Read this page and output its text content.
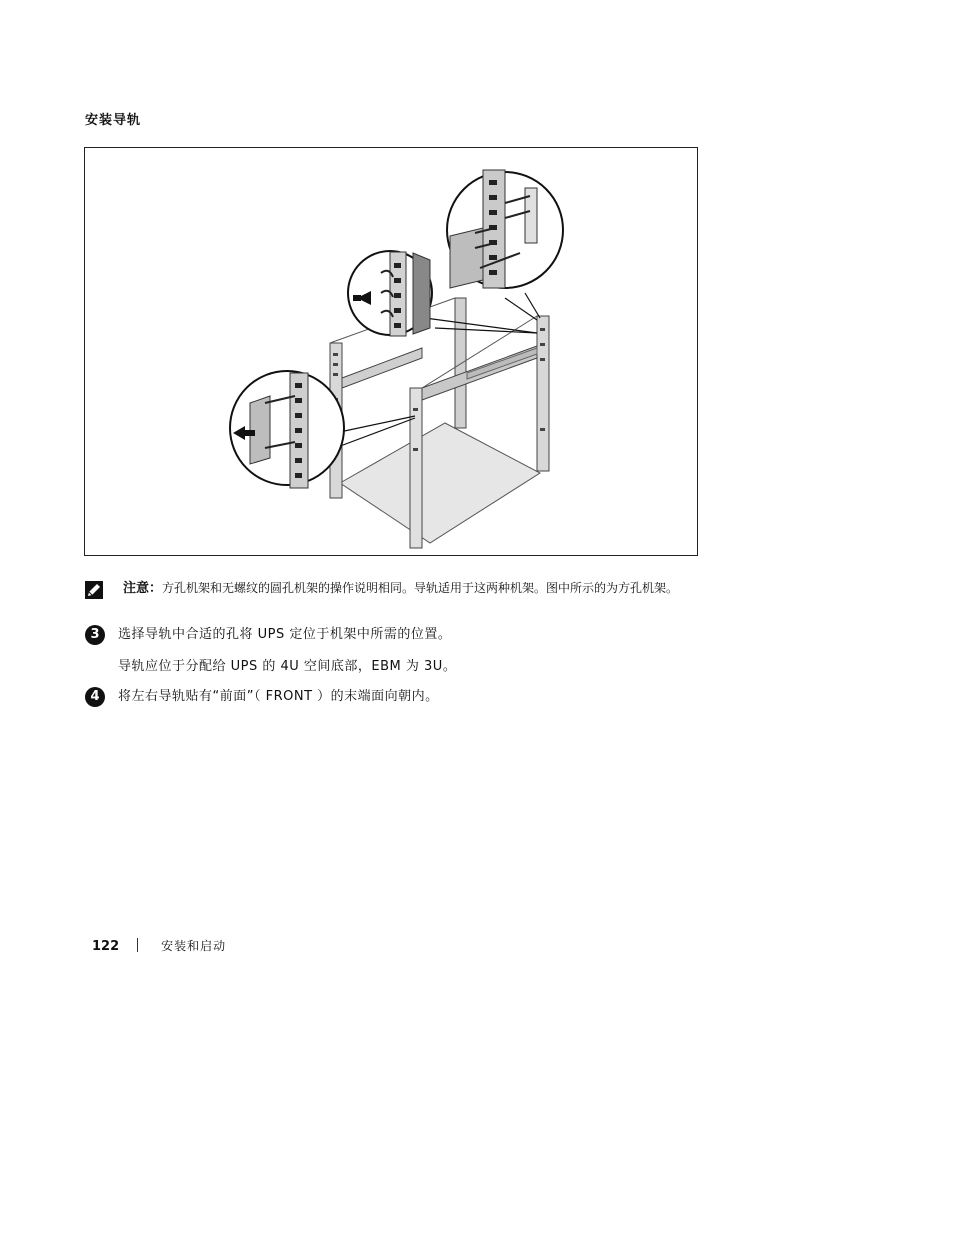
安装导轨
注意：方孔机架和无螺纹的圆孔机架的操作说明相同。导轨适用于这两种机架。图中所示的为方孔机架。
3	选择导轨中合适的孔将 UPS 定位于机架中所需的位置。
导轨应位于分配给 UPS 的 4U 空间底部，EBM 为 3U。
4	将左右导轨贴有“前面”（ FRONT ）的末端面向朝内。
122	安装和启动
